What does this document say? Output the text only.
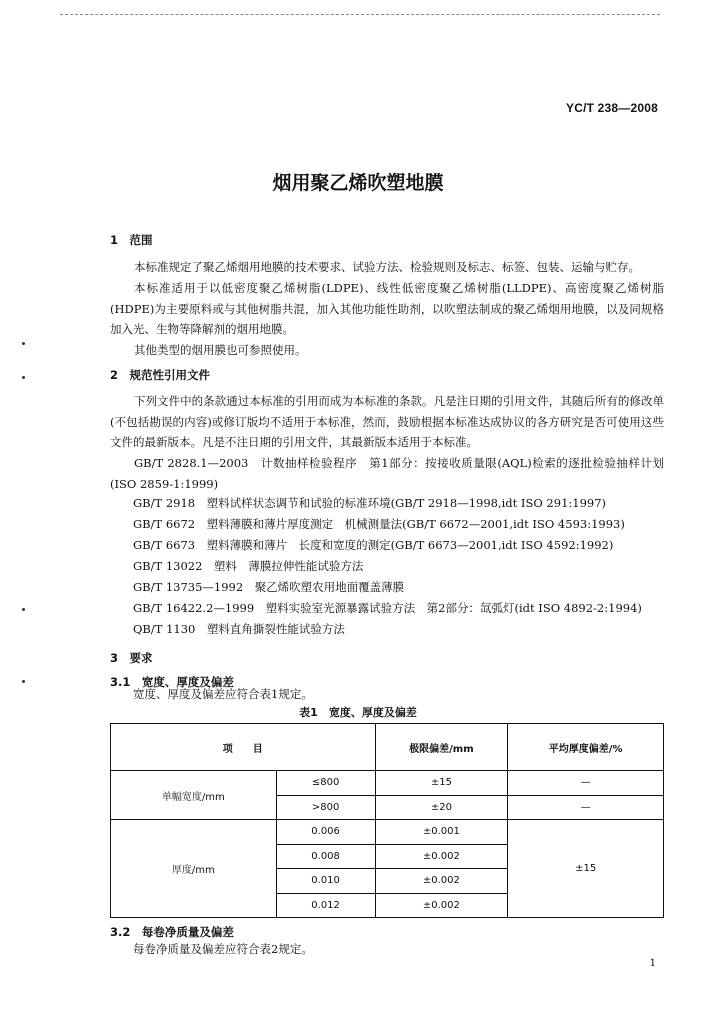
YC/T 238—2008
烟用聚乙烯吹塑地膜
1　范围
本标准规定了聚乙烯烟用地膜的技术要求、试验方法、检验规则及标志、标签、包装、运输与贮存。
本标准适用于以低密度聚乙烯树脂(LDPE)、线性低密度聚乙烯树脂(LLDPE)、高密度聚乙烯树脂(HDPE)为主要原料或与其他树脂共混，加入其他功能性助剂，以吹塑法制成的聚乙烯烟用地膜，以及同规格加入光、生物等降解剂的烟用地膜。
其他类型的烟用膜也可参照使用。
2　规范性引用文件
下列文件中的条款通过本标准的引用而成为本标准的条款。凡是注日期的引用文件，其随后所有的修改单(不包括勘误的内容)或修订版均不适用于本标准，然而，鼓励根据本标准达成协议的各方研究是否可使用这些文件的最新版本。凡是不注日期的引用文件，其最新版本适用于本标准。
GB/T 2828.1—2003　计数抽样检验程序　第1部分：按接收质量限(AQL)检索的逐批检验抽样计划(ISO 2859-1:1999)
GB/T 2918　塑料试样状态调节和试验的标准环境(GB/T 2918—1998,idt ISO 291:1997)
GB/T 6672　塑料薄膜和薄片厚度测定　机械测量法(GB/T 6672—2001,idt ISO 4593:1993)
GB/T 6673　塑料薄膜和薄片　长度和宽度的测定(GB/T 6673—2001,idt ISO 4592:1992)
GB/T 13022　塑料　薄膜拉伸性能试验方法
GB/T 13735—1992　聚乙烯吹塑农用地面覆盖薄膜
GB/T 16422.2—1999　塑料实验室光源暴露试验方法　第2部分：氙弧灯(idt ISO 4892-2:1994)
QB/T 1130　塑料直角撕裂性能试验方法
3　要求
3.1　宽度、厚度及偏差
宽度、厚度及偏差应符合表1规定。
表1　宽度、厚度及偏差
项　　目		极限偏差/mm	平均厚度偏差/%
单幅宽度/mm	≤800	±15	—
	>800	±20	—
厚度/mm	0.006	±0.001	±15
	0.008	±0.002	
	0.010	±0.002	
	0.012	±0.002	
3.2　每卷净质量及偏差
每卷净质量及偏差应符合表2规定。
1
